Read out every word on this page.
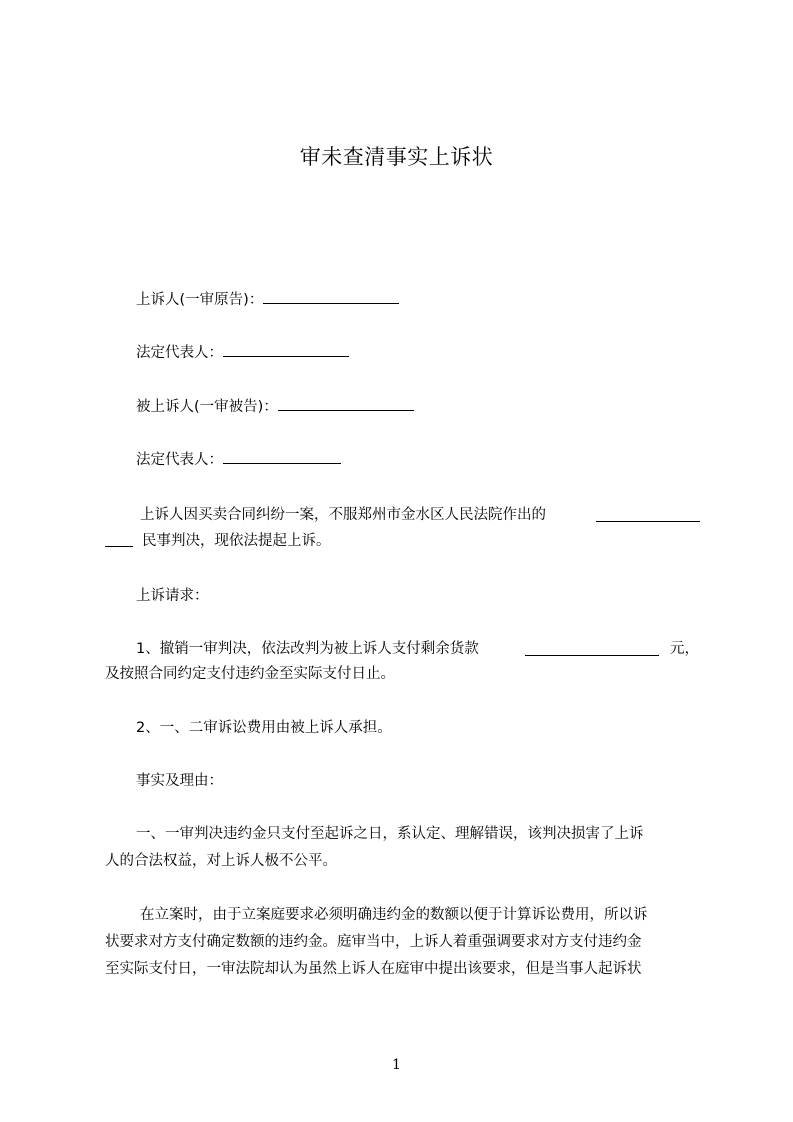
审未查清事实上诉状
上诉人(一审原告)：
法定代表人：
被上诉人(一审被告)：
法定代表人：
上诉人因买卖合同纠纷一案，不服郑州市金水区人民法院作出的
民事判决，现依法提起上诉。
上诉请求：
1、撤销一审判决，依法改判为被上诉人支付剩余货款	元，
及按照合同约定支付违约金至实际支付日止。
2、一、二审诉讼费用由被上诉人承担。
事实及理由：
一、一审判决违约金只支付至起诉之日，系认定、理解错误，该判决损害了上诉
人的合法权益，对上诉人极不公平。
在立案时，由于立案庭要求必须明确违约金的数额以便于计算诉讼费用，所以诉
状要求对方支付确定数额的违约金。庭审当中，上诉人着重强调要求对方支付违约金
至实际支付日，一审法院却认为虽然上诉人在庭审中提出该要求，但是当事人起诉状
1
